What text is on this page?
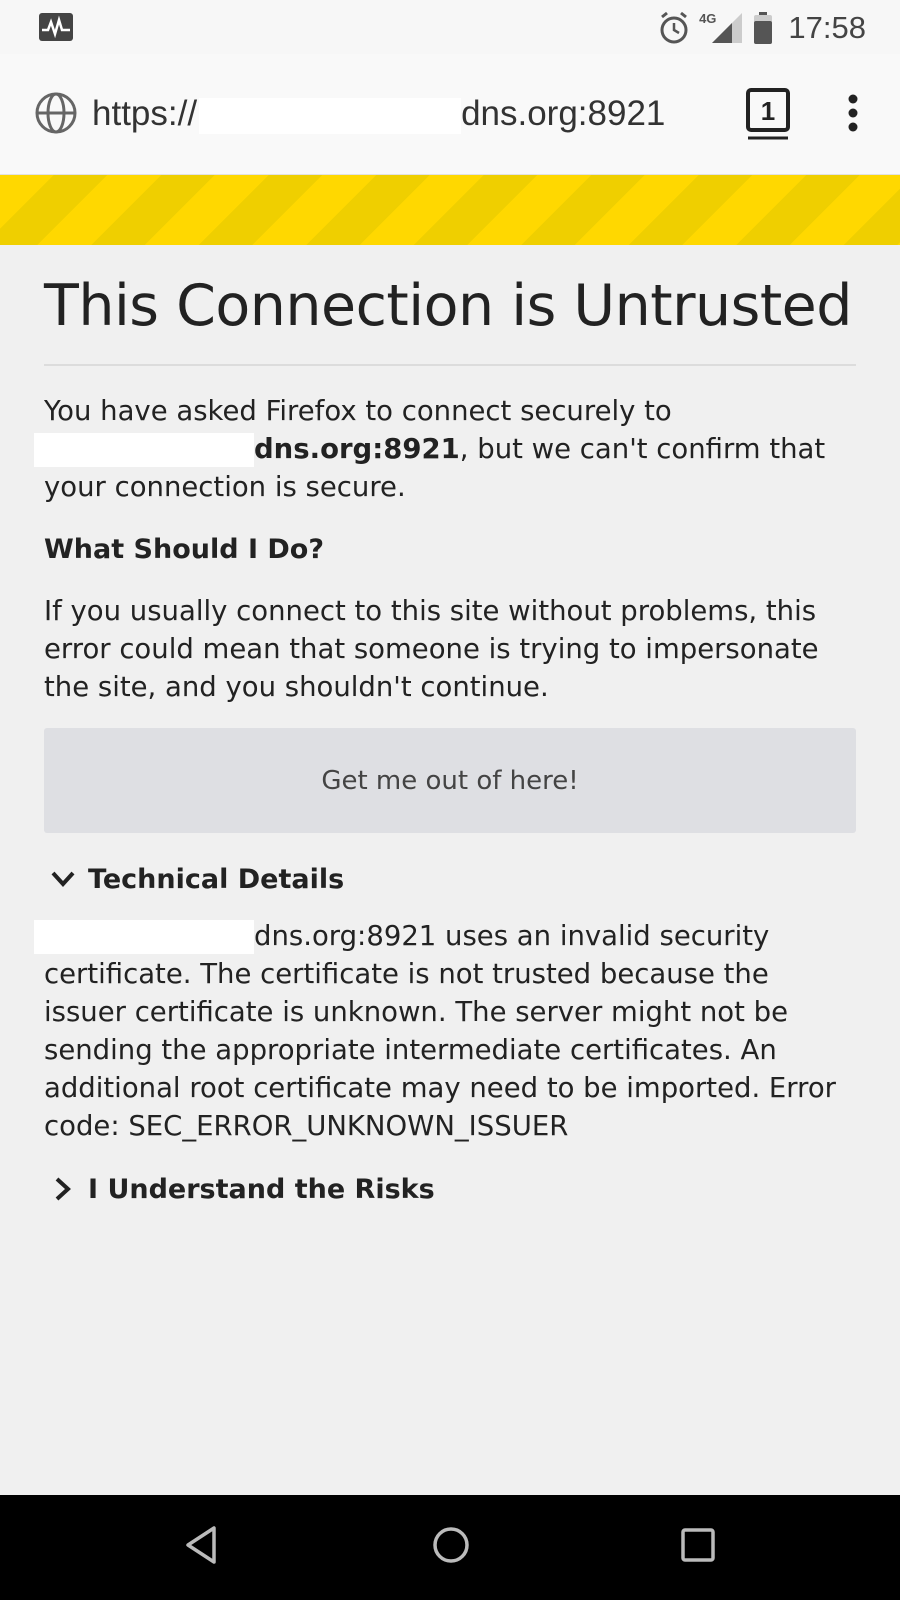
4G 17:58
https://	dns.org:8921	1
This Connection is Untrusted

You have asked Firefox to connect securely to
dns.org:8921, but we can't confirm that your connection is secure.

What Should I Do?

If you usually connect to this site without problems, this error could mean that someone is trying to impersonate the site, and you shouldn't continue.

Get me out of here!
Technical Details

dns.org:8921 uses an invalid security certificate. The certificate is not trusted because the issuer certificate is unknown. The server might not be sending the appropriate intermediate certificates. An additional root certificate may need to be imported. Error code: SEC_ERROR_UNKNOWN_ISSUER

I Understand the Risks
